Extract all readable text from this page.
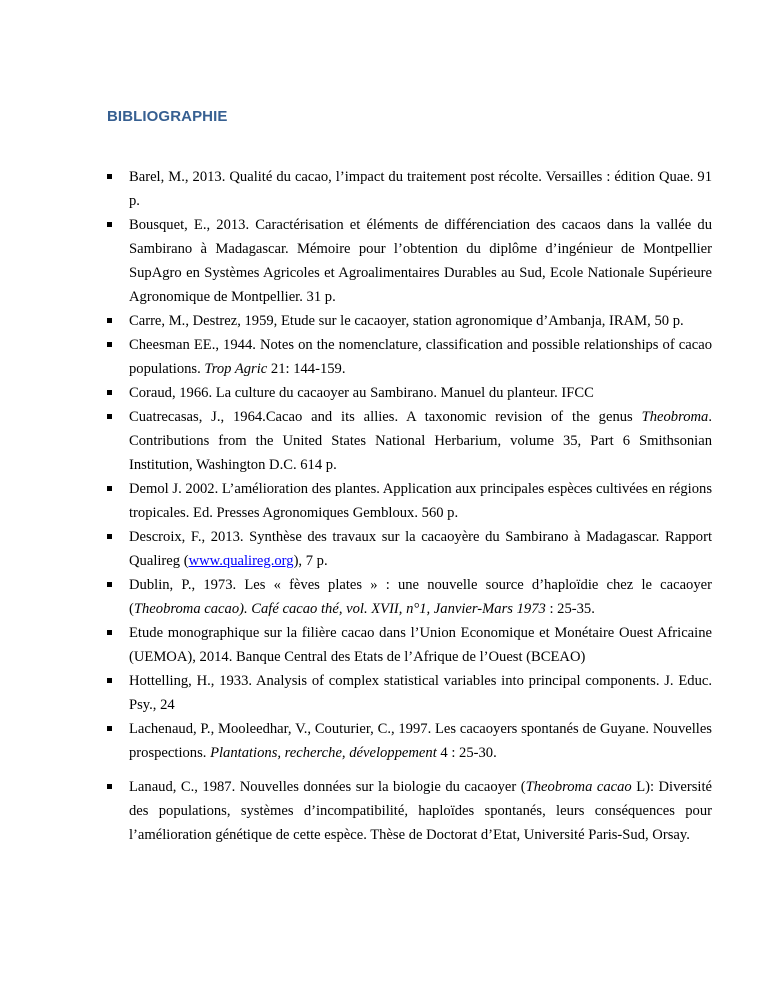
BIBLIOGRAPHIE
Barel, M., 2013. Qualité du cacao, l’impact du traitement post récolte. Versailles : édition Quae. 91 p.
Bousquet, E., 2013. Caractérisation et éléments de différenciation des cacaos dans la vallée du Sambirano à Madagascar. Mémoire pour l’obtention du diplôme d’ingénieur de Montpellier SupAgro en Systèmes Agricoles et Agroalimentaires Durables au Sud, Ecole Nationale Supérieure Agronomique de Montpellier. 31 p.
Carre, M., Destrez, 1959, Etude sur le cacaoyer, station agronomique d’Ambanja, IRAM, 50 p.
Cheesman EE., 1944. Notes on the nomenclature, classification and possible relationships of cacao populations. Trop Agric 21: 144-159.
Coraud, 1966. La culture du cacaoyer au Sambirano. Manuel du planteur. IFCC
Cuatrecasas, J., 1964.Cacao and its allies. A taxonomic revision of the genus Theobroma. Contributions from the United States National Herbarium, volume 35, Part 6 Smithsonian Institution, Washington D.C. 614 p.
Demol J. 2002. L’amélioration des plantes. Application aux principales espèces cultivées en régions tropicales. Ed. Presses Agronomiques Gembloux. 560 p.
Descroix, F., 2013. Synthèse des travaux sur la cacaoyère du Sambirano à Madagascar. Rapport Qualireg (www.qualireg.org), 7 p.
Dublin, P., 1973. Les « fèves plates » : une nouvelle source d’haploïdie chez le cacaoyer (Theobroma cacao). Café cacao thé, vol. XVII, n°1, Janvier-Mars 1973 : 25-35.
Etude monographique sur la filière cacao dans l’Union Economique et Monétaire Ouest Africaine (UEMOA), 2014. Banque Central des Etats de l’Afrique de l’Ouest (BCEAO)
Hottelling, H., 1933. Analysis of complex statistical variables into principal components. J. Educ. Psy., 24
Lachenaud, P., Mooleedhar, V., Couturier, C., 1997. Les cacaoyers spontanés de Guyane. Nouvelles prospections. Plantations, recherche, développement 4 : 25-30.
Lanaud, C., 1987. Nouvelles données sur la biologie du cacaoyer (Theobroma cacao L): Diversité des populations, systèmes d’incompatibilité, haploïdes spontanés, leurs conséquences pour l’amélioration génétique de cette espèce. Thèse de Doctorat d’Etat, Université Paris-Sud, Orsay.
